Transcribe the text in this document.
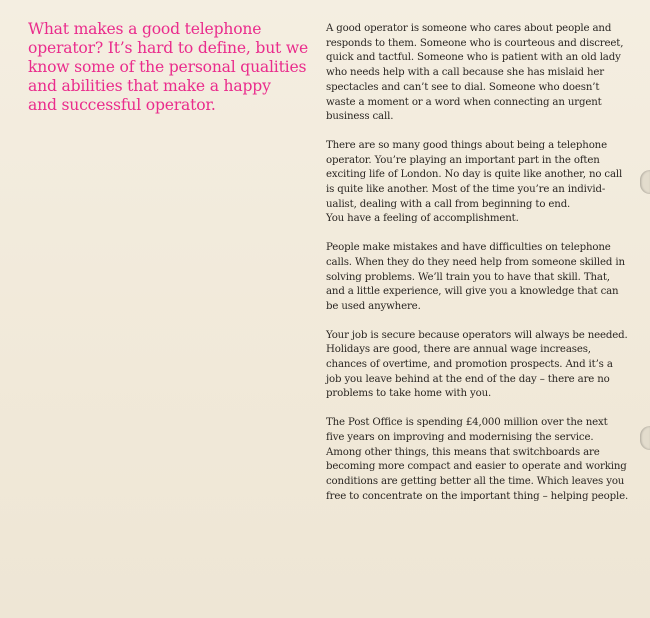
What makes a good telephone
operator? It’s hard to define, but we
know some of the personal qualities
and abilities that make a happy
and successful operator.

A good operator is someone who cares about people and
responds to them. Someone who is courteous and discreet,
quick and tactful. Someone who is patient with an old lady
who needs help with a call because she has mislaid her
spectacles and can’t see to dial. Someone who doesn’t
waste a moment or a word when connecting an urgent
business call.

There are so many good things about being a telephone
operator. You’re playing an important part in the often
exciting life of London. No day is quite like another, no call
is quite like another. Most of the time you’re an individ-
ualist, dealing with a call from beginning to end.
You have a feeling of accomplishment.

People make mistakes and have difficulties on telephone
calls. When they do they need help from someone skilled in
solving problems. We’ll train you to have that skill. That,
and a little experience, will give you a knowledge that can
be used anywhere.

Your job is secure because operators will always be needed.
Holidays are good, there are annual wage increases,
chances of overtime, and promotion prospects. And it’s a
job you leave behind at the end of the day – there are no
problems to take home with you.

The Post Office is spending £4,000 million over the next
five years on improving and modernising the service.
Among other things, this means that switchboards are
becoming more compact and easier to operate and working
conditions are getting better all the time. Which leaves you
free to concentrate on the important thing – helping people.
